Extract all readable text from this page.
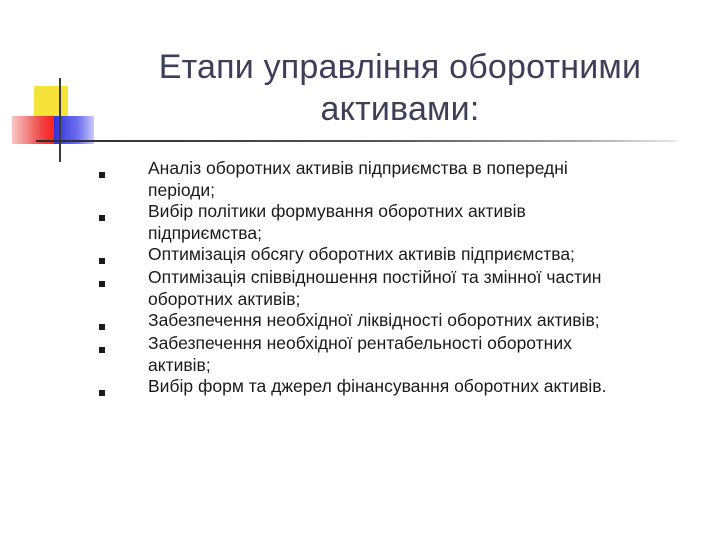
Етапи управління оборотними
активами:
Аналіз оборотних активів підприємства в попередні
періоди;
Вибір політики формування оборотних активів
підприємства;
Оптимізація обсягу оборотних активів підприємства;
Оптимізація співвідношення постійної та змінної частин
оборотних активів;
Забезпечення необхідної ліквідності оборотних активів;
Забезпечення необхідної рентабельності оборотних
активів;
Вибір форм та джерел фінансування оборотних активів.
